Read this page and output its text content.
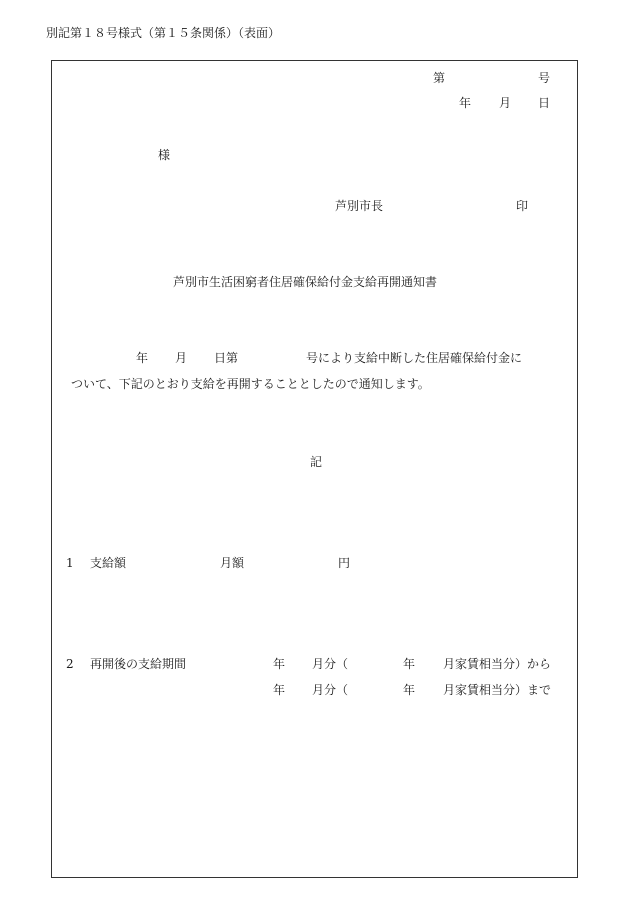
別記第１８号様式（第１５条関係）（表面）
第	号
年 月 日
様
芦別市長	印
芦別市生活困窮者住居確保給付金支給再開通知書
年 月 日第	号により支給中断した住居確保給付金に
ついて、下記のとおり支給を再開することとしたので通知します。
記
1 支給額	月額	円
2 再開後の支給期間	年 月分（	年 月家賃相当分）から
年 月分（	年 月家賃相当分）まで
